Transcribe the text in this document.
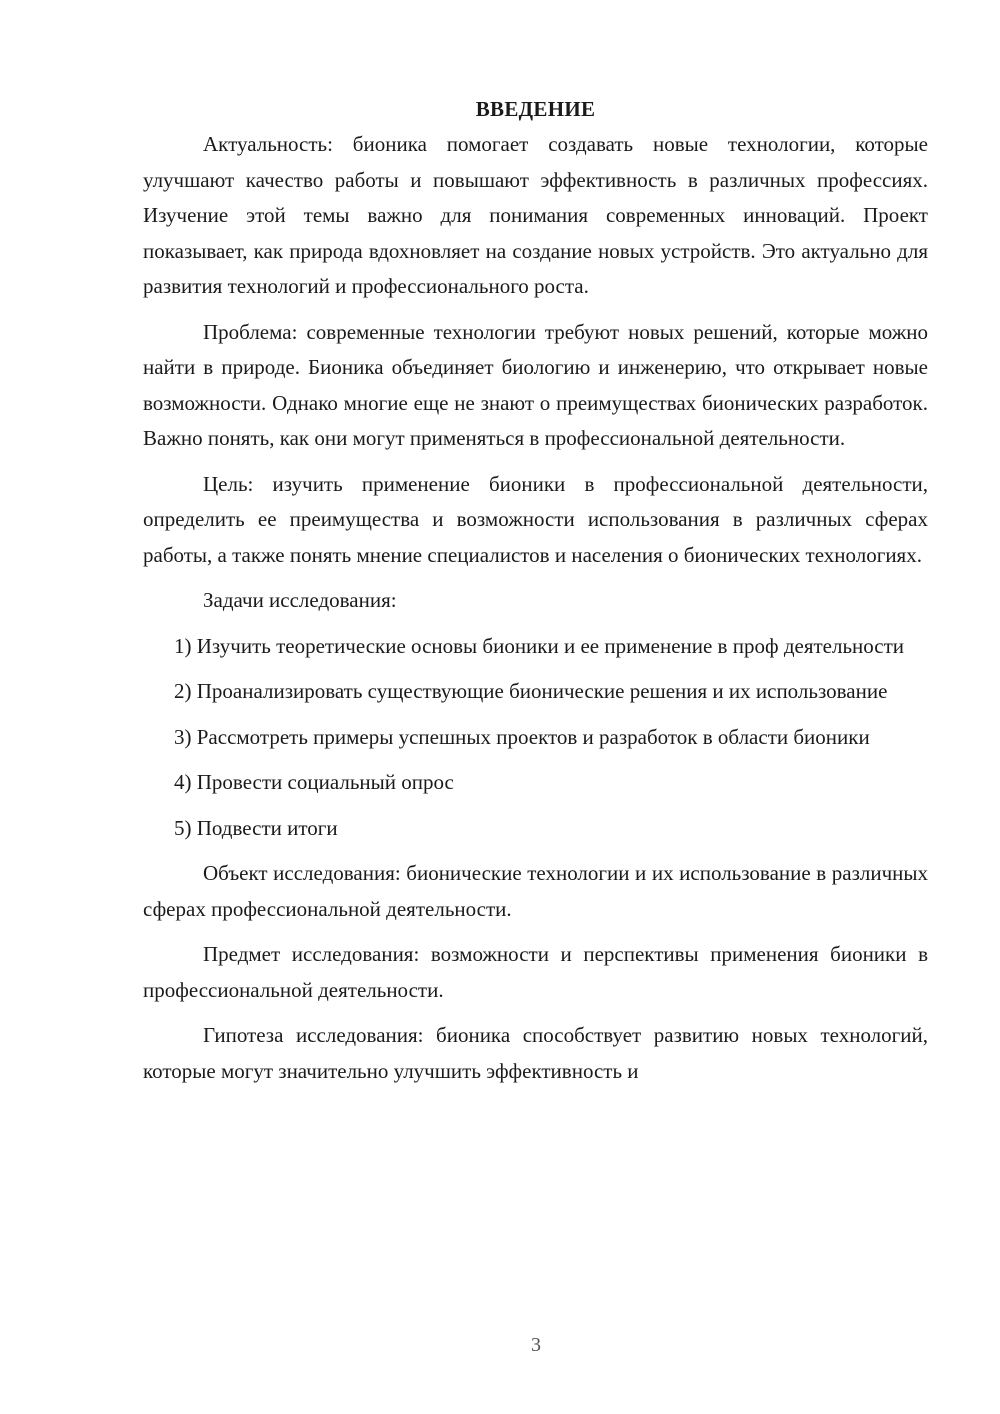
ВВЕДЕНИЕ

Актуальность: бионика помогает создавать новые технологии, которые улучшают качество работы и повышают эффективность в различных профессиях. Изучение этой темы важно для понимания современных инноваций. Проект показывает, как природа вдохновляет на создание новых устройств. Это актуально для развития технологий и профессионального роста.

Проблема: современные технологии требуют новых решений, которые можно найти в природе. Бионика объединяет биологию и инженерию, что открывает новые возможности. Однако многие еще не знают о преимуществах бионических разработок. Важно понять, как они могут применяться в профессиональной деятельности.

Цель: изучить применение бионики в профессиональной деятельности, определить ее преимущества и возможности использования в различных сферах работы, а также понять мнение специалистов и населения о бионических технологиях.

Задачи исследования:

1) Изучить теоретические основы бионики и ее применение в проф деятельности

2) Проанализировать существующие бионические решения и их использование

3) Рассмотреть примеры успешных проектов и разработок в области бионики

4) Провести социальный опрос

5) Подвести итоги

Объект исследования: бионические технологии и их использование в различных сферах профессиональной деятельности.

Предмет исследования: возможности и перспективы применения бионики в профессиональной деятельности.

Гипотеза исследования: бионика способствует развитию новых технологий, которые могут значительно улучшить эффективность и

3
